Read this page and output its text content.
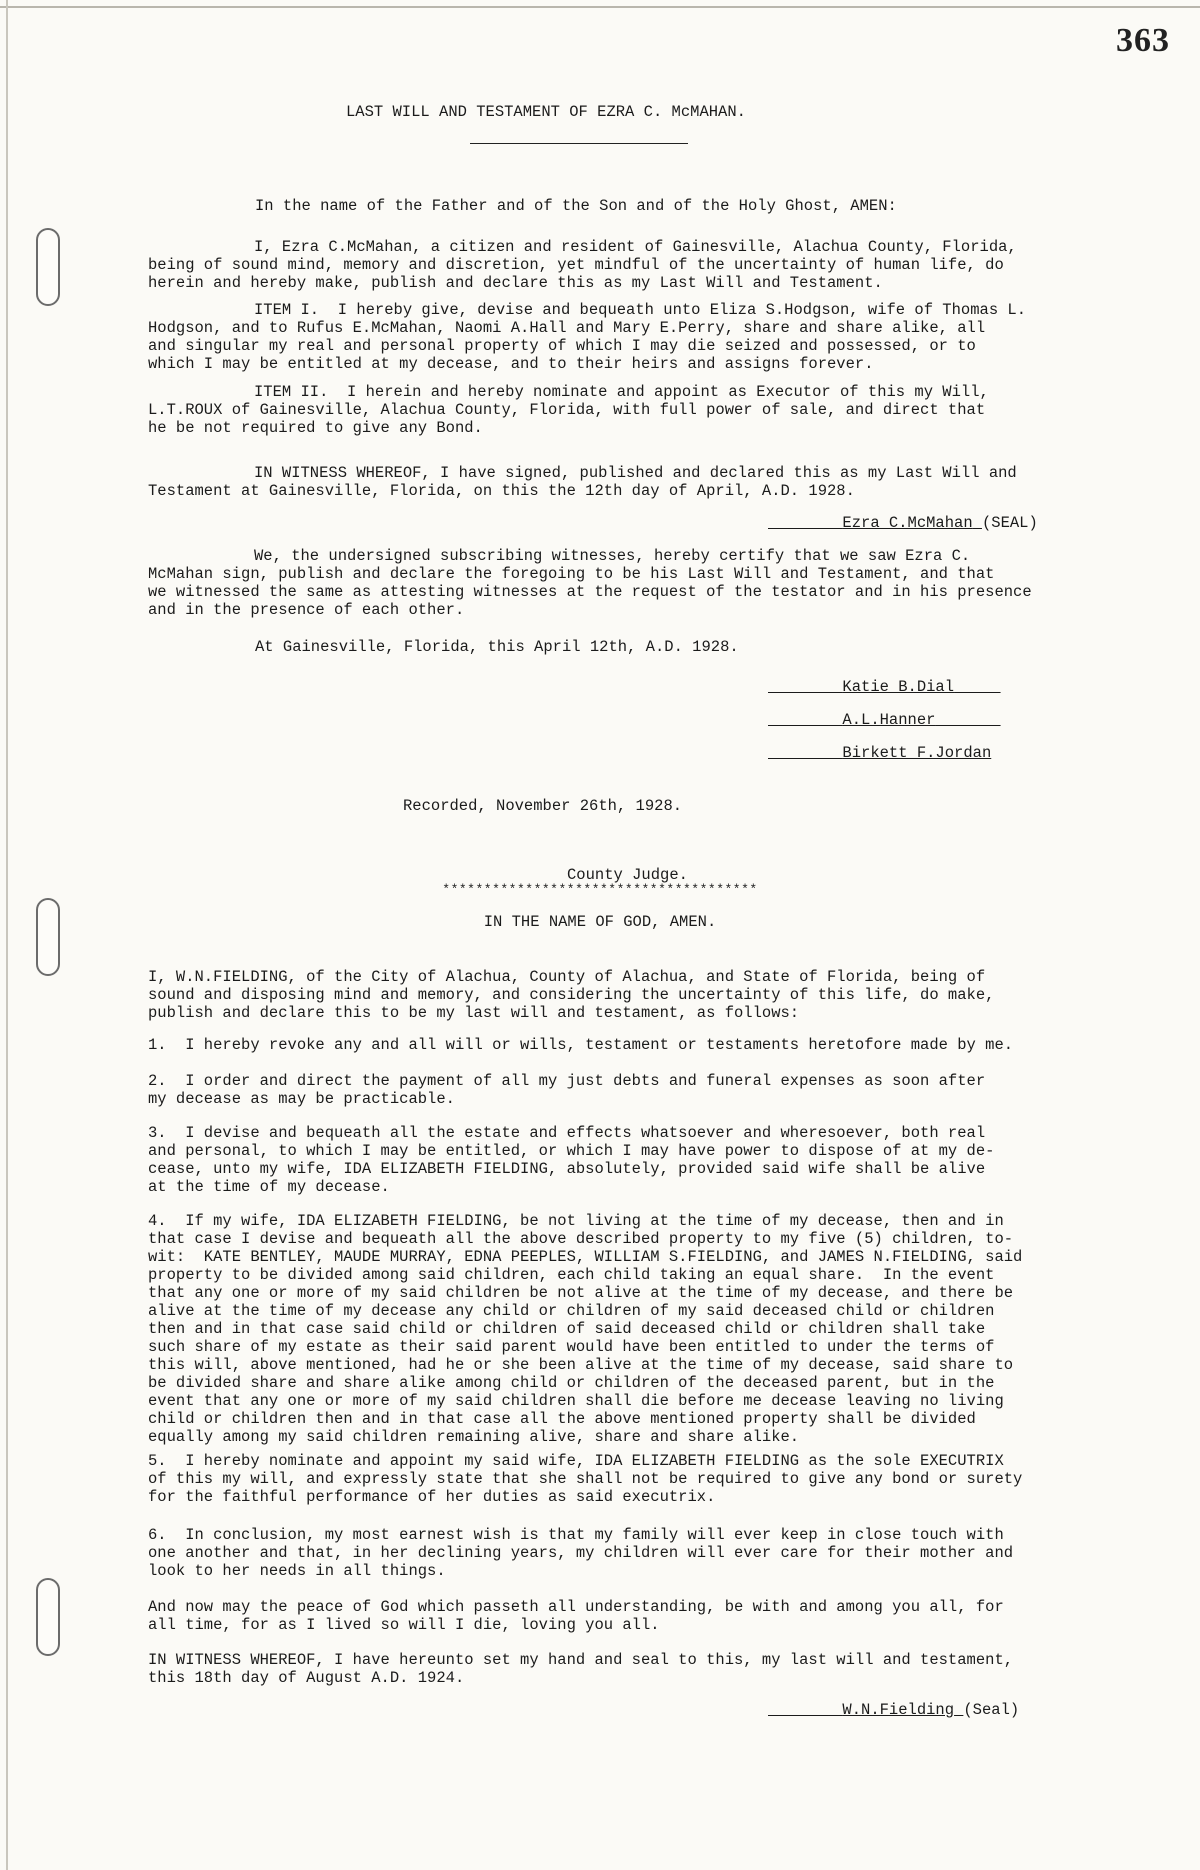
363
LAST WILL AND TESTAMENT OF EZRA C. McMAHAN.
In the name of the Father and of the Son and of the Holy Ghost, AMEN:
I, Ezra C.McMahan, a citizen and resident of Gainesville, Alachua County, Florida,
being of sound mind, memory and discretion, yet mindful of the uncertainty of human life, do
herein and hereby make, publish and declare this as my Last Will and Testament.
ITEM I.  I hereby give, devise and bequeath unto Eliza S.Hodgson, wife of Thomas L.
Hodgson, and to Rufus E.McMahan, Naomi A.Hall and Mary E.Perry, share and share alike, all
and singular my real and personal property of which I may die seized and possessed, or to
which I may be entitled at my decease, and to their heirs and assigns forever.
ITEM II.  I herein and hereby nominate and appoint as Executor of this my Will,
L.T.ROUX of Gainesville, Alachua County, Florida, with full power of sale, and direct that
he be not required to give any Bond.
IN WITNESS WHEREOF, I have signed, published and declared this as my Last Will and
Testament at Gainesville, Florida, on this the 12th day of April, A.D. 1928.
Ezra C.McMahan (SEAL)
We, the undersigned subscribing witnesses, hereby certify that we saw Ezra C.
McMahan sign, publish and declare the foregoing to be his Last Will and Testament, and that
we witnessed the same as attesting witnesses at the request of the testator and in his presence
and in the presence of each other.
At Gainesville, Florida, this April 12th, A.D. 1928.
Katie B.Dial
A.L.Hanner
Birkett F.Jordan
Recorded, November 26th, 1928.
County Judge.
**************************************
IN THE NAME OF GOD, AMEN.
I, W.N.FIELDING, of the City of Alachua, County of Alachua, and State of Florida, being of
sound and disposing mind and memory, and considering the uncertainty of this life, do make,
publish and declare this to be my last will and testament, as follows:
1.  I hereby revoke any and all will or wills, testament or testaments heretofore made by me.
2.  I order and direct the payment of all my just debts and funeral expenses as soon after
my decease as may be practicable.
3.  I devise and bequeath all the estate and effects whatsoever and wheresoever, both real
and personal, to which I may be entitled, or which I may have power to dispose of at my de-
cease, unto my wife, IDA ELIZABETH FIELDING, absolutely, provided said wife shall be alive
at the time of my decease.
4.  If my wife, IDA ELIZABETH FIELDING, be not living at the time of my decease, then and in
that case I devise and bequeath all the above described property to my five (5) children, to-
wit:  KATE BENTLEY, MAUDE MURRAY, EDNA PEEPLES, WILLIAM S.FIELDING, and JAMES N.FIELDING, said
property to be divided among said children, each child taking an equal share.  In the event
that any one or more of my said children be not alive at the time of my decease, and there be
alive at the time of my decease any child or children of my said deceased child or children
then and in that case said child or children of said deceased child or children shall take
such share of my estate as their said parent would have been entitled to under the terms of
this will, above mentioned, had he or she been alive at the time of my decease, said share to
be divided share and share alike among child or children of the deceased parent, but in the
event that any one or more of my said children shall die before me decease leaving no living
child or children then and in that case all the above mentioned property shall be divided
equally among my said children remaining alive, share and share alike.
5.  I hereby nominate and appoint my said wife, IDA ELIZABETH FIELDING as the sole EXECUTRIX
of this my will, and expressly state that she shall not be required to give any bond or surety
for the faithful performance of her duties as said executrix.
6.  In conclusion, my most earnest wish is that my family will ever keep in close touch with
one another and that, in her declining years, my children will ever care for their mother and
look to her needs in all things.
And now may the peace of God which passeth all understanding, be with and among you all, for
all time, for as I lived so will I die, loving you all.
IN WITNESS WHEREOF, I have hereunto set my hand and seal to this, my last will and testament,
this 18th day of August A.D. 1924.
W.N.Fielding (Seal)
